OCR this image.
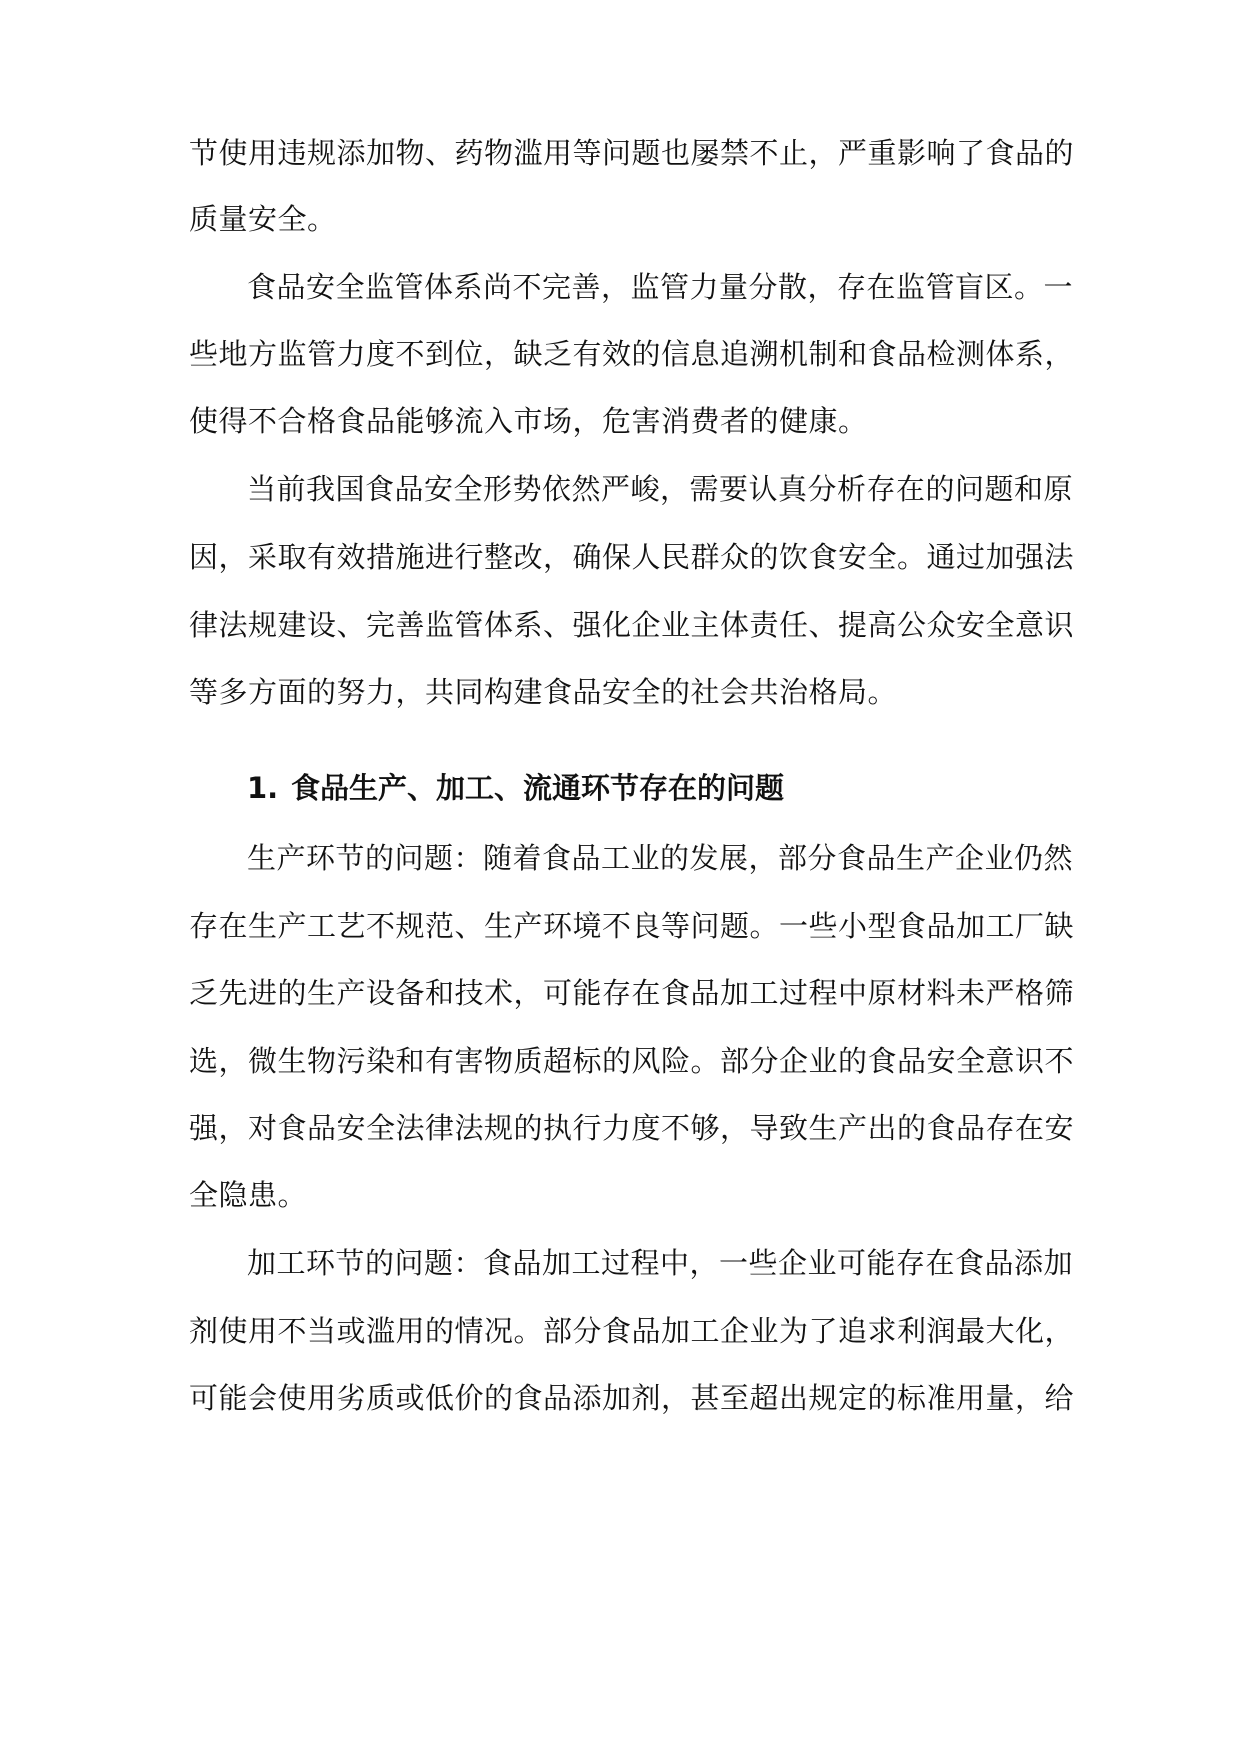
节使用违规添加物、药物滥用等问题也屡禁不止，严重影响了食品的
质量安全。
食品安全监管体系尚不完善，监管力量分散，存在监管盲区。一
些地方监管力度不到位，缺乏有效的信息追溯机制和食品检测体系，
使得不合格食品能够流入市场，危害消费者的健康。
当前我国食品安全形势依然严峻，需要认真分析存在的问题和原
因，采取有效措施进行整改，确保人民群众的饮食安全。通过加强法
律法规建设、完善监管体系、强化企业主体责任、提高公众安全意识
等多方面的努力，共同构建食品安全的社会共治格局。
1. 食品生产、加工、流通环节存在的问题
生产环节的问题：随着食品工业的发展，部分食品生产企业仍然
存在生产工艺不规范、生产环境不良等问题。一些小型食品加工厂缺
乏先进的生产设备和技术，可能存在食品加工过程中原材料未严格筛
选，微生物污染和有害物质超标的风险。部分企业的食品安全意识不
强，对食品安全法律法规的执行力度不够，导致生产出的食品存在安
全隐患。
加工环节的问题：食品加工过程中，一些企业可能存在食品添加
剂使用不当或滥用的情况。部分食品加工企业为了追求利润最大化，
可能会使用劣质或低价的食品添加剂，甚至超出规定的标准用量，给
